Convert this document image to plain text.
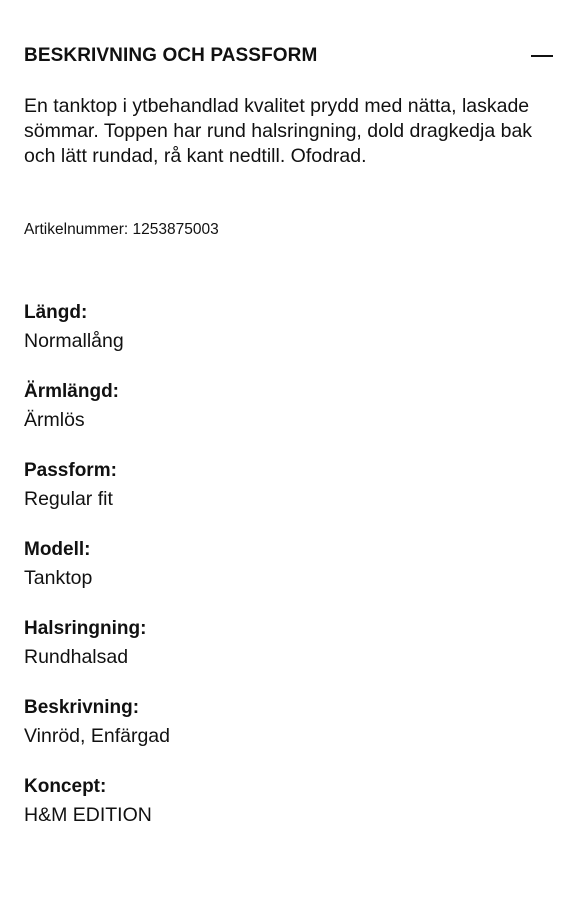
BESKRIVNING OCH PASSFORM

En tanktop i ytbehandlad kvalitet prydd med nätta, laskade sömmar. Toppen har rund halsringning, dold dragkedja bak och lätt rundad, rå kant nedtill. Ofodrad.

Artikelnummer: 1253875003

Längd:

Normallång

Ärmlängd:

Ärmlös

Passform:

Regular fit

Modell:

Tanktop

Halsringning:

Rundhalsad

Beskrivning:

Vinröd, Enfärgad

Koncept:

H&M EDITION
